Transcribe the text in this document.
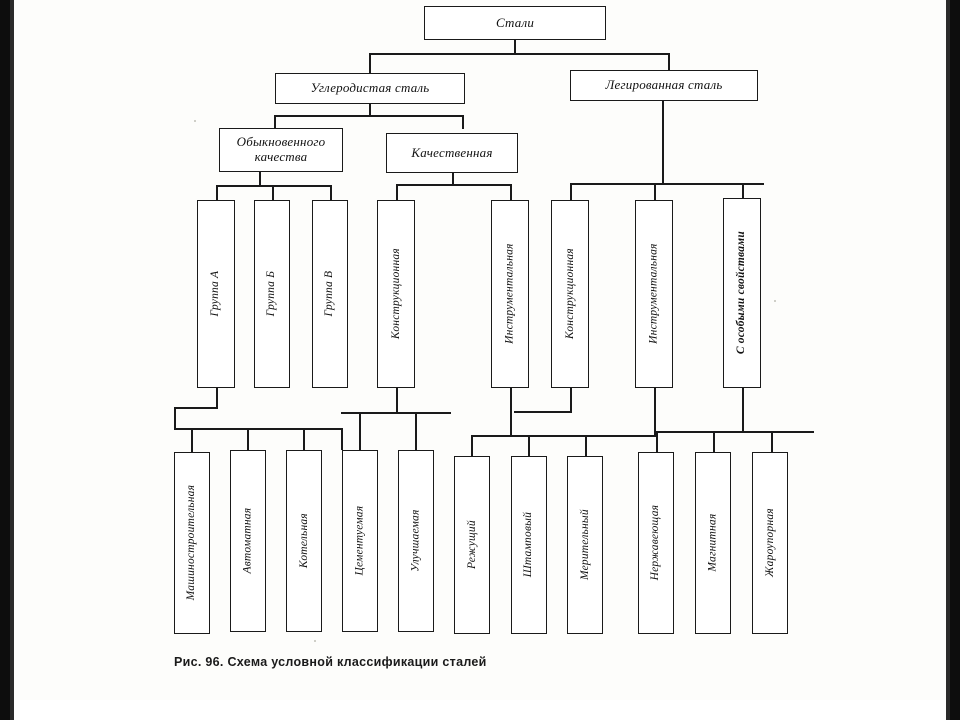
Стали
Углеродистая сталь	Легированная сталь
Обыкновенного качества	Качественная
Группа А	Группа Б	Группа В	Конструкционная	Инструментальная	Конструкционная	Инструментальная	С особыми свойствами
Машиностроительная	Автоматная	Котельная	Цементуемая	Улучшаемая	Режущий	Штамповый	Мерительный	Нержавеющая	Магнитная	Жароупорная
Рис. 96. Схема условной классификации сталей
